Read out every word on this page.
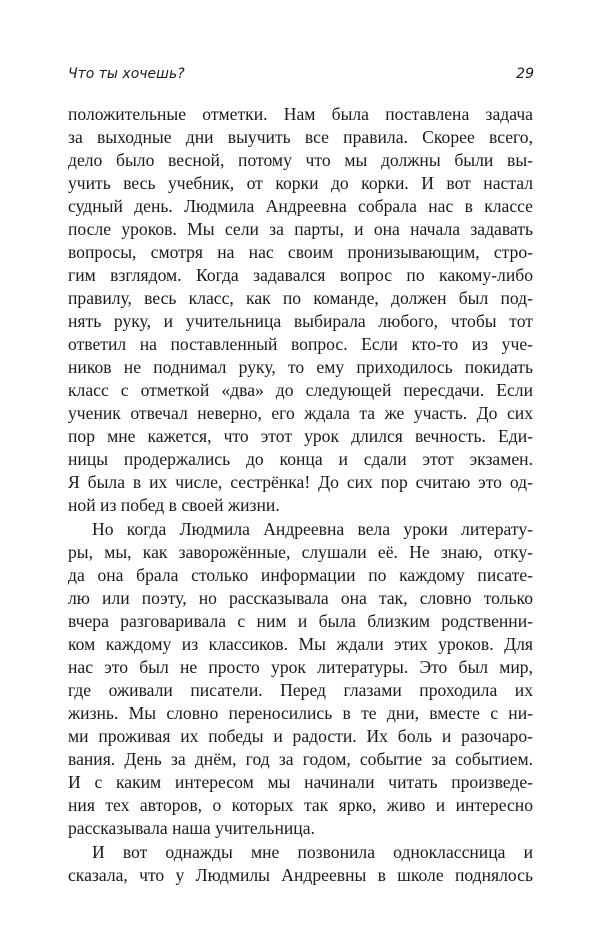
Что ты хочешь?	29
положительные отметки. Нам была поставлена задача
за выходные дни выучить все правила. Скорее всего,
дело было весной, потому что мы должны были вы-
учить весь учебник, от корки до корки. И вот настал
судный день. Людмила Андреевна собрала нас в классе
после уроков. Мы сели за парты, и она начала задавать
вопросы, смотря на нас своим пронизывающим, стро-
гим взглядом. Когда задавался вопрос по какому-либо
правилу, весь класс, как по команде, должен был под-
нять руку, и учительница выбирала любого, чтобы тот
ответил на поставленный вопрос. Если кто-то из уче-
ников не поднимал руку, то ему приходилось покидать
класс с отметкой «два» до следующей пересдачи. Если
ученик отвечал неверно, его ждала та же участь. До сих
пор мне кажется, что этот урок длился вечность. Еди-
ницы продержались до конца и сдали этот экзамен.
Я была в их числе, сестрёнка! До сих пор считаю это од-
ной из побед в своей жизни.
Но когда Людмила Андреевна вела уроки литерату-
ры, мы, как заворожённые, слушали её. Не знаю, отку-
да она брала столько информации по каждому писате-
лю или поэту, но рассказывала она так, словно только
вчера разговаривала с ним и была близким родственни-
ком каждому из классиков. Мы ждали этих уроков. Для
нас это был не просто урок литературы. Это был мир,
где оживали писатели. Перед глазами проходила их
жизнь. Мы словно переносились в те дни, вместе с ни-
ми проживая их победы и радости. Их боль и разочаро-
вания. День за днём, год за годом, событие за событием.
И с каким интересом мы начинали читать произведе-
ния тех авторов, о которых так ярко, живо и интересно
рассказывала наша учительница.
И вот однажды мне позвонила одноклассница и
сказала, что у Людмилы Андреевны в школе поднялось
